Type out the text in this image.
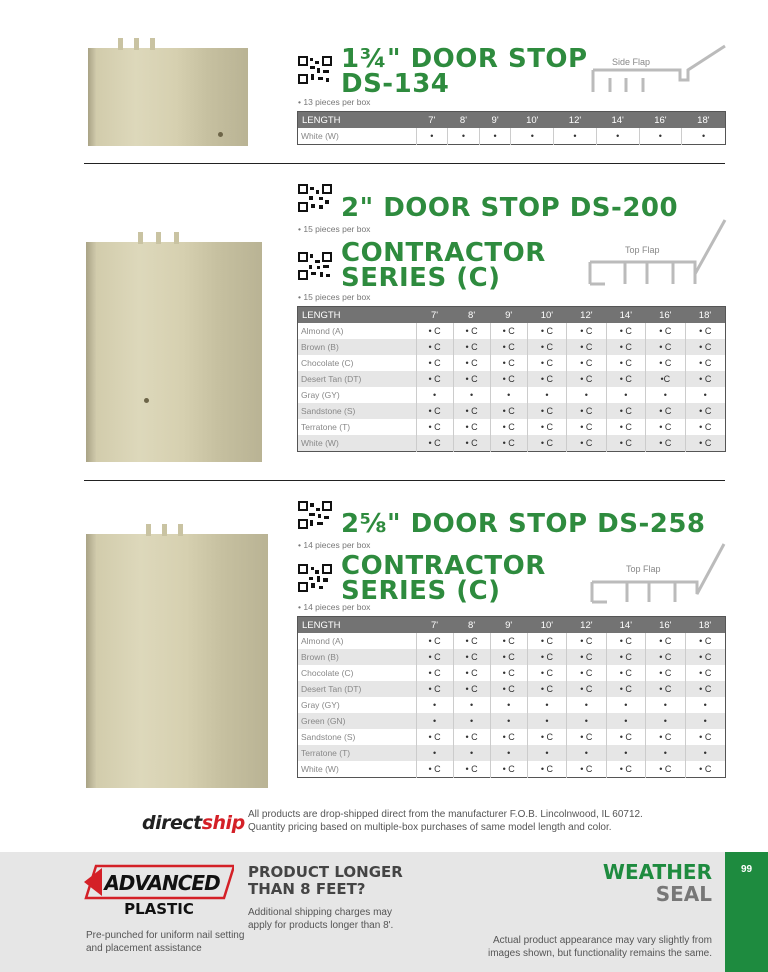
1¾" DOOR STOP
DS-134
• 13 pieces per box
Side Flap
LENGTH	7'	8'	9'	10'	12'	14'	16'	18'
White (W)	•	•	•	•	•	•	•	•
2" DOOR STOP DS-200
• 15 pieces per box
CONTRACTOR
SERIES (C)
• 15 pieces per box
Top Flap
LENGTH	7'	8'	9'	10'	12'	14'	16'	18'
Almond (A)	• C	• C	• C	• C	• C	• C	• C	• C
Brown (B)	• C	• C	• C	• C	• C	• C	• C	• C
Chocolate (C)	• C	• C	• C	• C	• C	• C	• C	• C
Desert Tan (DT)	• C	• C	• C	• C	• C	• C	•C	• C
Gray (GY)	•	•	•	•	•	•	•	•
Sandstone (S)	• C	• C	• C	• C	• C	• C	• C	• C
Terratone (T)	• C	• C	• C	• C	• C	• C	• C	• C
White (W)	• C	• C	• C	• C	• C	• C	• C	• C
2⅝" DOOR STOP DS-258
• 14 pieces per box
CONTRACTOR
SERIES (C)
• 14 pieces per box
Top Flap
LENGTH	7'	8'	9'	10'	12'	14'	16'	18'
Almond (A)	• C	• C	• C	• C	• C	• C	• C	• C
Brown (B)	• C	• C	• C	• C	• C	• C	• C	• C
Chocolate (C)	• C	• C	• C	• C	• C	• C	• C	• C
Desert Tan (DT)	• C	• C	• C	• C	• C	• C	• C	• C
Gray (GY)	•	•	•	•	•	•	•	•
Green (GN)	•	•	•	•	•	•	•	•
Sandstone (S)	• C	• C	• C	• C	• C	• C	• C	• C
Terratone (T)	•	•	•	•	•	•	•	•
White (W)	• C	• C	• C	• C	• C	• C	• C	• C
directship All products are drop-shipped direct from the manufacturer F.O.B. Lincolnwood, IL 60712. Quantity pricing based on multiple-box purchases of same model length and color.
99
ADVANCED
PLASTIC
Pre-punched for uniform nail setting and placement assistance
PRODUCT LONGER THAN 8 FEET?
Additional shipping charges may apply for products longer than 8'.
WEATHER
SEAL
Actual product appearance may vary slightly from images shown, but functionality remains the same.
